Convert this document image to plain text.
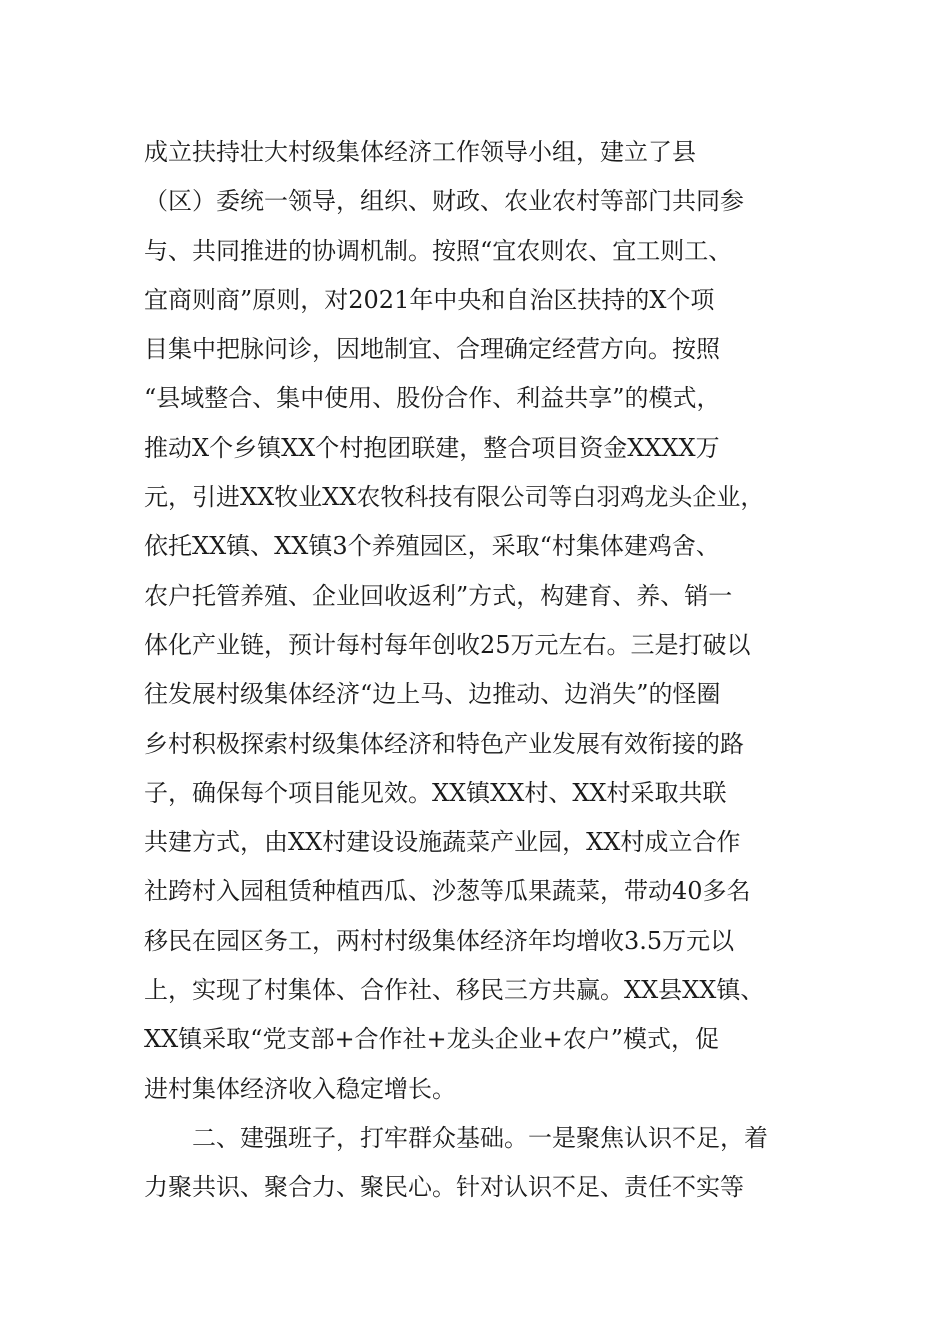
成立扶持壮大村级集体经济工作领导小组，建立了县
（区）委统一领导，组织、财政、农业农村等部门共同参
与、共同推进的协调机制。按照“宜农则农、宜工则工、
宜商则商”原则，对2021年中央和自治区扶持的X个项
目集中把脉问诊，因地制宜、合理确定经营方向。按照
“县域整合、集中使用、股份合作、利益共享”的模式，
推动X个乡镇XX个村抱团联建，整合项目资金XXXX万
元，引进XX牧业XX农牧科技有限公司等白羽鸡龙头企业，
依托XX镇、XX镇3个养殖园区，采取“村集体建鸡舍、
农户托管养殖、企业回收返利”方式，构建育、养、销一
体化产业链，预计每村每年创收25万元左右。三是打破以
往发展村级集体经济“边上马、边推动、边消失”的怪圈
乡村积极探索村级集体经济和特色产业发展有效衔接的路
子，确保每个项目能见效。XX镇XX村、XX村采取共联
共建方式，由XX村建设设施蔬菜产业园，XX村成立合作
社跨村入园租赁种植西瓜、沙葱等瓜果蔬菜，带动40多名
移民在园区务工，两村村级集体经济年均增收3.5万元以
上，实现了村集体、合作社、移民三方共赢。XX县XX镇、
XX镇采取“党支部+合作社+龙头企业+农户”模式，促
进村集体经济收入稳定增长。
二、建强班子，打牢群众基础。一是聚焦认识不足，着
力聚共识、聚合力、聚民心。针对认识不足、责任不实等
